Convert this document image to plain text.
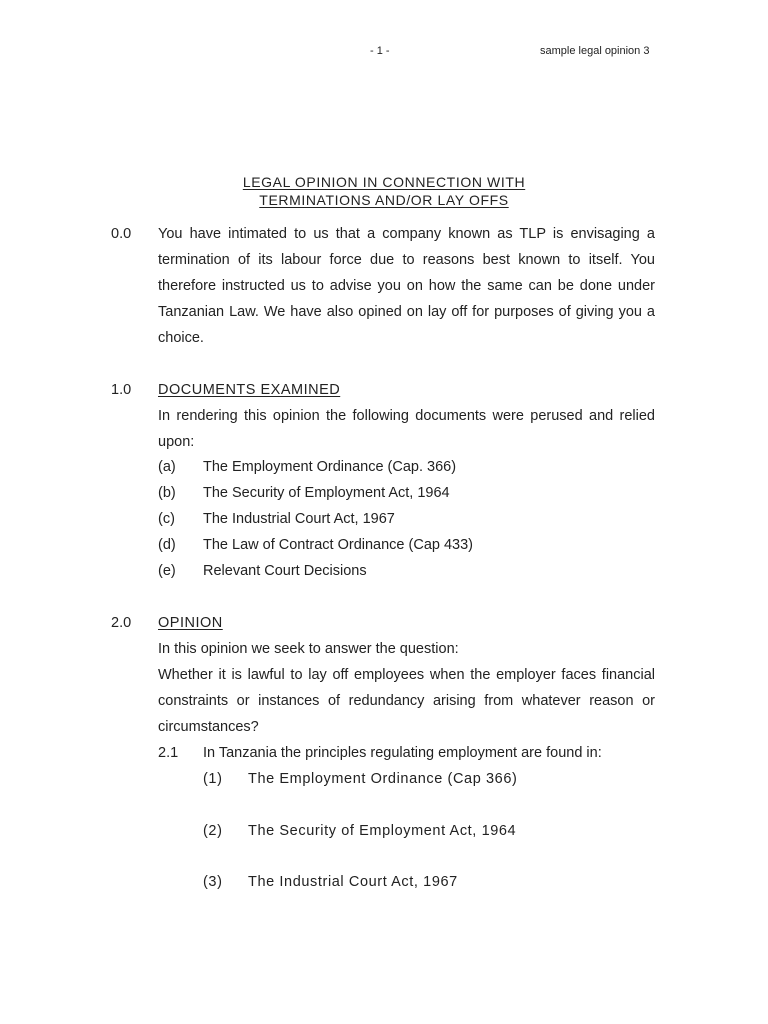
- 1 -	sample legal opinion 3
LEGAL OPINION IN CONNECTION WITH
TERMINATIONS AND/OR LAY OFFS
0.0 You have intimated to us that a company known as TLP is envisaging a termination of its labour force due to reasons best known to itself. You therefore instructed us to advise you on how the same can be done under Tanzanian Law. We have also opined on lay off for purposes of giving you a choice.
1.0 DOCUMENTS EXAMINED
In rendering this opinion the following documents were perused and relied upon:
(a) The Employment Ordinance (Cap. 366)
(b) The Security of Employment Act, 1964
(c) The Industrial Court Act, 1967
(d) The Law of Contract Ordinance (Cap 433)
(e) Relevant Court Decisions
2.0 OPINION
In this opinion we seek to answer the question:
Whether it is lawful to lay off employees when the employer faces financial constraints or instances of redundancy arising from whatever reason or circumstances?
2.1 In Tanzania the principles regulating employment are found in:
(1) The Employment Ordinance (Cap 366)
(2) The Security of Employment Act, 1964
(3) The Industrial Court Act, 1967
